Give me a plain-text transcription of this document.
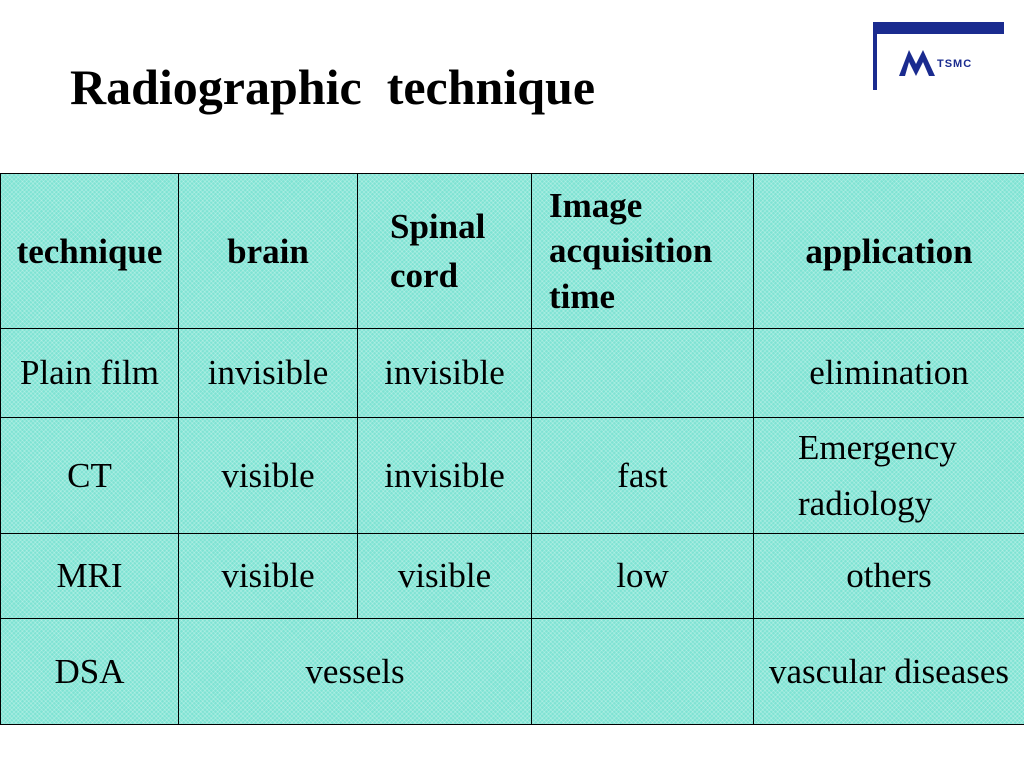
Radiographic  technique	TSMC
technique	brain	Spinal cord	Image acquisition time	application
Plain film	invisible	invisible		elimination
CT	visible	invisible	fast	Emergency radiology
MRI	visible	visible	low	others
DSA	vessels			vascular diseases
